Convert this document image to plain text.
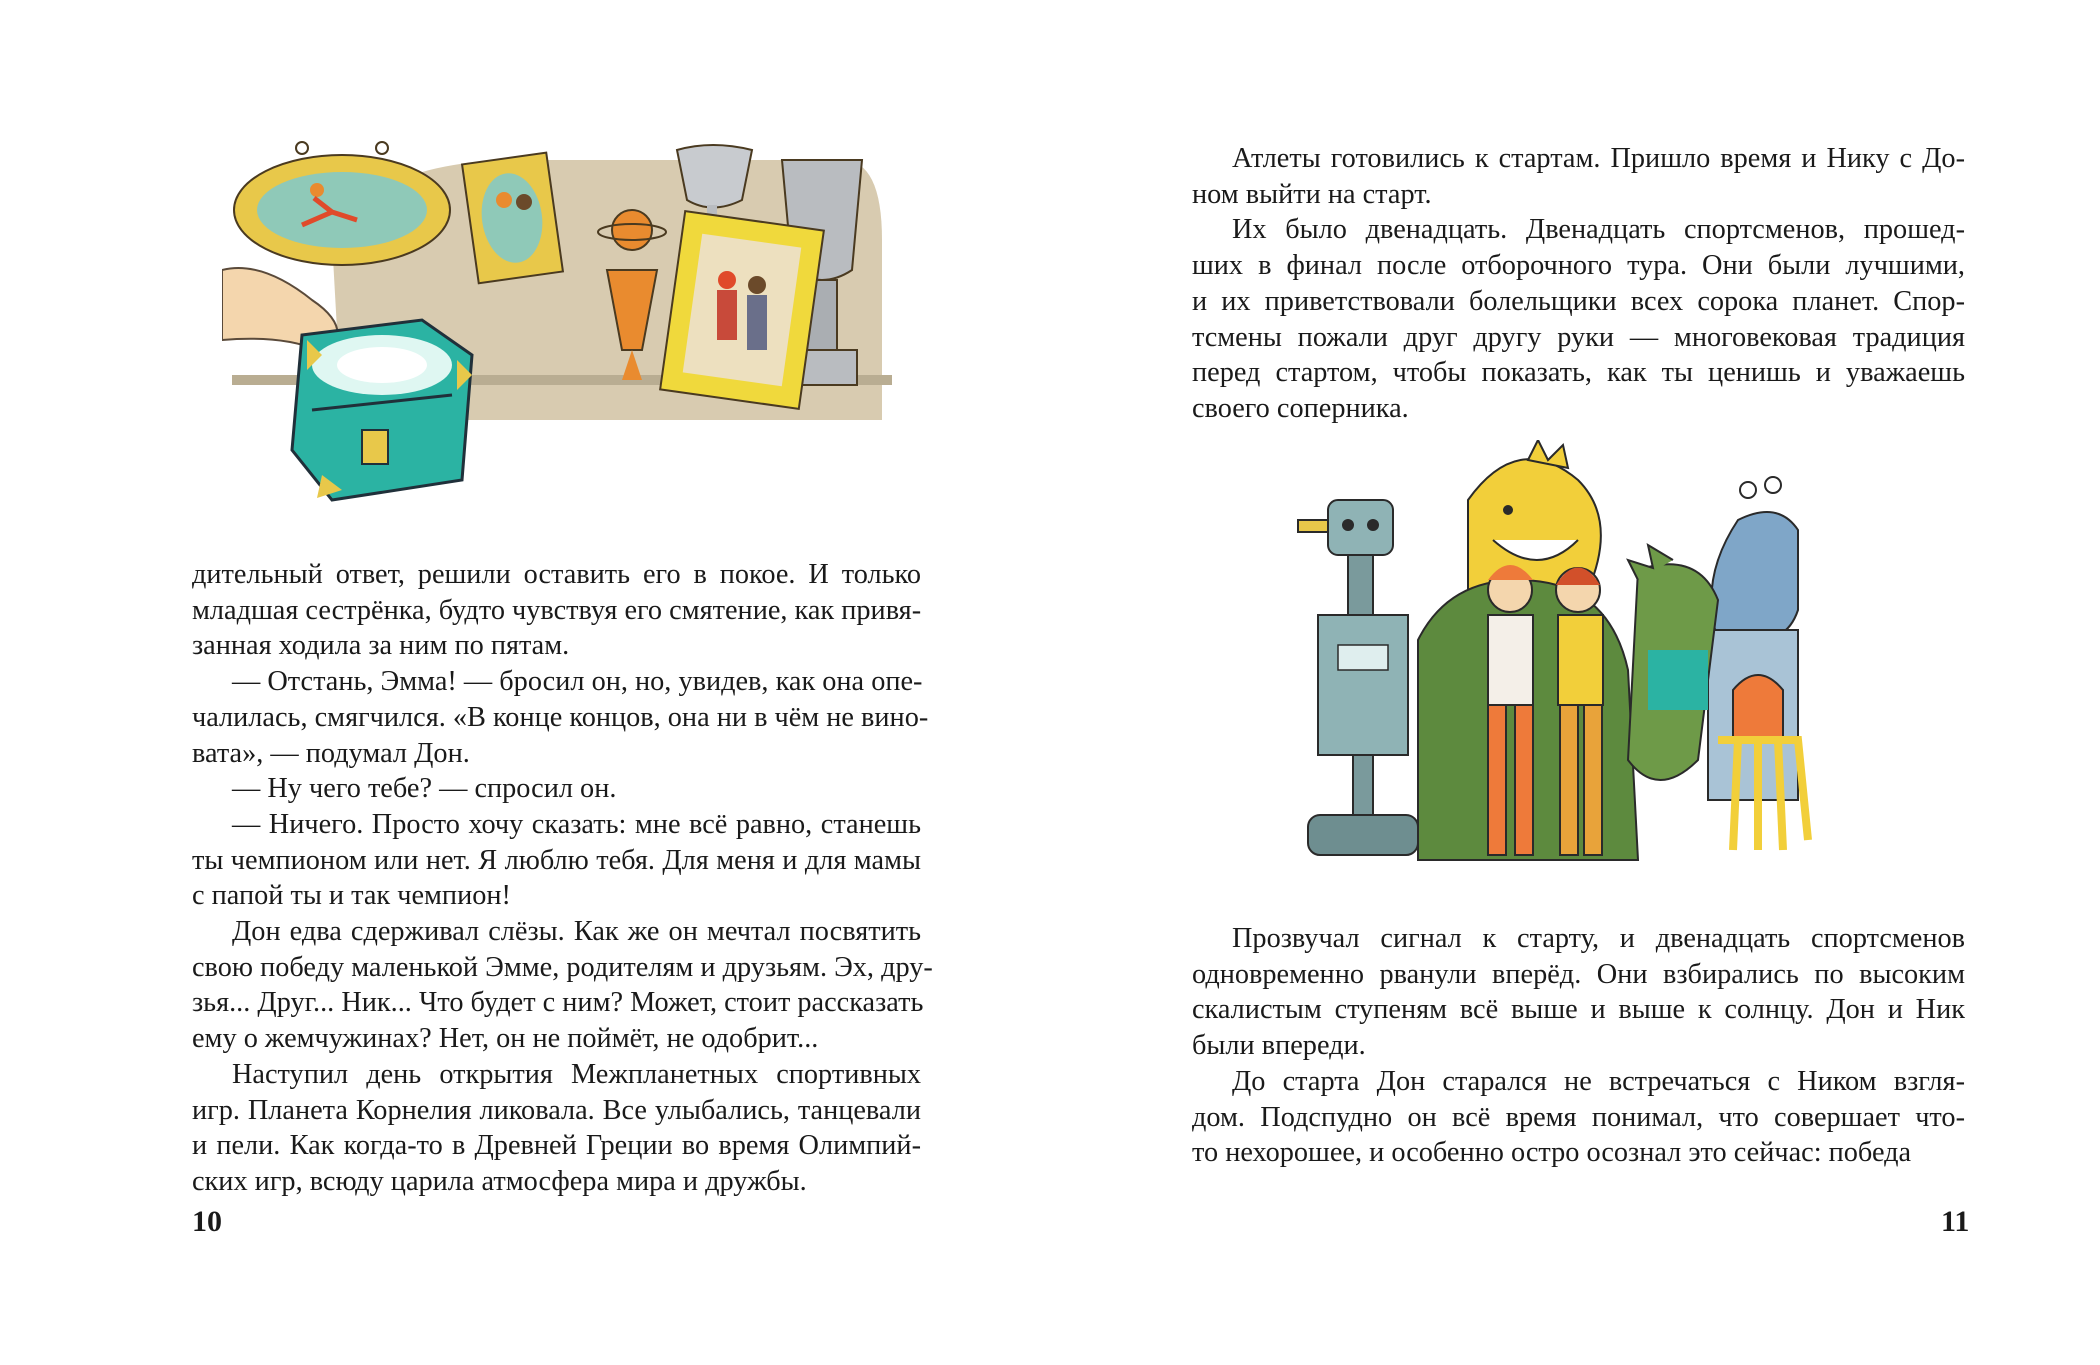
дительный ответ, решили оставить его в покое. И только
младшая сестрёнка, будто чувствуя его смятение, как привя-
занная ходила за ним по пятам.

— Отстань, Эмма! — бросил он, но, увидев, как она опе-
чалилась, смягчился. «В конце концов, она ни в чём не вино-
вата», — подумал Дон.

— Ну чего тебе? — спросил он.

— Ничего. Просто хочу сказать: мне всё равно, станешь
ты чемпионом или нет. Я люблю тебя. Для меня и для мамы
с папой ты и так чемпион!

Дон едва сдерживал слёзы. Как же он мечтал посвятить
свою победу маленькой Эмме, родителям и друзьям. Эх, дру-
зья... Друг... Ник... Что будет с ним? Может, стоит рассказать
ему о жемчужинах? Нет, он не поймёт, не одобрит...

Наступил день открытия Межпланетных спортивных
игр. Планета Корнелия ликовала. Все улыбались, танцевали
и пели. Как когда-то в Древней Греции во время Олимпий-
ских игр, всюду царила атмосфера мира и дружбы.

10

Атлеты готовились к стартам. Пришло время и Нику с До-
ном выйти на старт.

Их было двенадцать. Двенадцать спортсменов, прошед-
ших в финал после отборочного тура. Они были лучшими,
и их приветствовали болельщики всех сорока планет. Спор-
тсмены пожали друг другу руки — многовековая традиция
перед стартом, чтобы показать, как ты ценишь и уважаешь
своего соперника.

Прозвучал сигнал к старту, и двенадцать спортсменов
одновременно рванули вперёд. Они взбирались по высоким
скалистым ступеням всё выше и выше к солнцу. Дон и Ник
были впереди.

До старта Дон старался не встречаться с Ником взгля-
дом. Подспудно он всё время понимал, что совершает что-
то нехорошее, и особенно остро осознал это сейчас: победа

11
